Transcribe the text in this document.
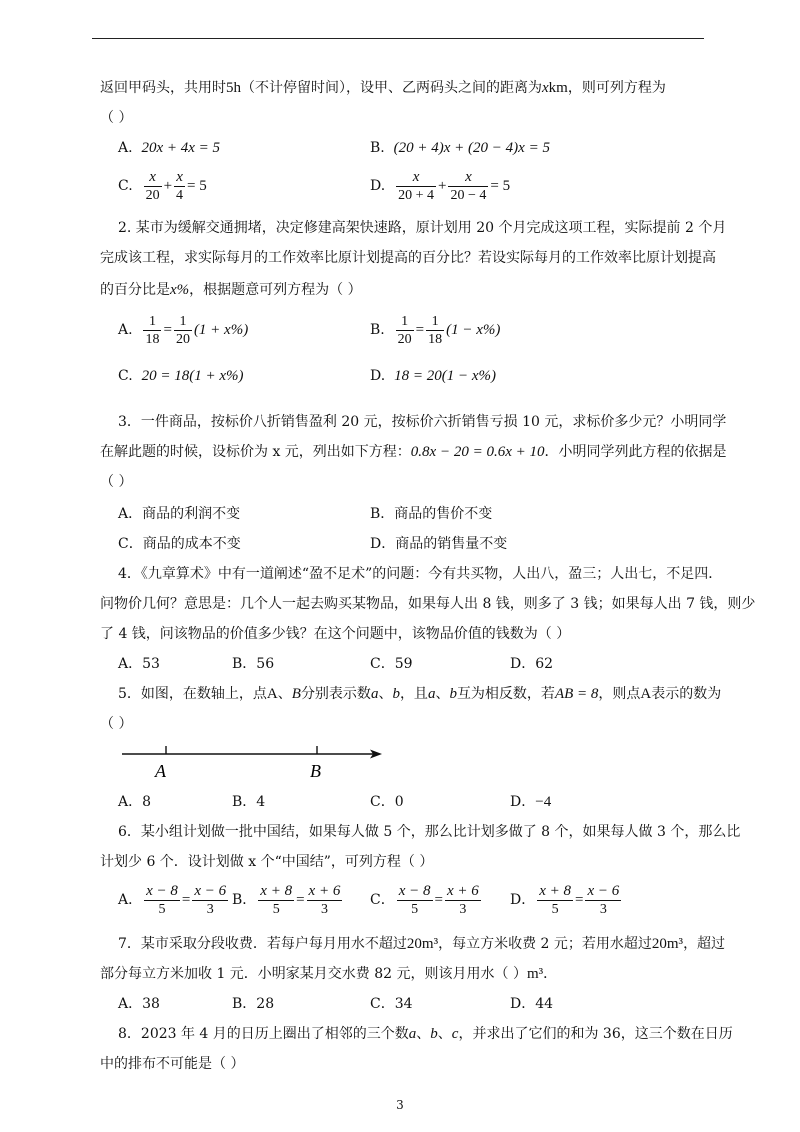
返回甲码头，共用时5h（不计停留时间），设甲、乙两码头之间的距离为xkm，则可列方程为
（ ）
A. 20x + 4x = 5	B. (20 + 4)x + (20 − 4)x = 5
C. $\frac{x}{20} + \frac{x}{4} = 5$	D. $\frac{x}{20 + 4} + \frac{x}{20 - 4} = 5$
2. 某市为缓解交通拥堵，决定修建高架快速路，原计划用 20 个月完成这项工程，实际提前 2 个月
完成该工程，求实际每月的工作效率比原计划提高的百分比？若设实际每月的工作效率比原计划提高
的百分比是x%，根据题意可列方程为（ ）
A. $\frac{1}{18} = \frac{1}{20} (1 + x\%)$	B. $\frac{1}{20} = \frac{1}{18} (1 - x\%)$
C. 20 = 18(1 + x%)	D. 18 = 20(1 − x%)
3．一件商品，按标价八折销售盈利 20 元，按标价六折销售亏损 10 元，求标价多少元？小明同学
在解此题的时候，设标价为 x 元，列出如下方程：0.8x − 20 = 0.6x + 10．小明同学列此方程的依据是
（ ）
A．商品的利润不变	B．商品的售价不变
C．商品的成本不变	D．商品的销售量不变
4．《九章算术》中有一道阐述“盈不足术”的问题：今有共买物，人出八，盈三；人出七，不足四．
问物价几何？意思是：几个人一起去购买某物品，如果每人出 8 钱，则多了 3 钱；如果每人出 7 钱，则少
了 4 钱，问该物品的价值多少钱？在这个问题中，该物品价值的钱数为（ ）
A．53	B．56	C．59	D．62
5．如图，在数轴上，点A、B分别表示数a、b，且a、b互为相反数，若AB = 8，则点A表示的数为
（ ）
A	B
A．8	B．4	C．0	D．−4
6．某小组计划做一批中国结，如果每人做 5 个，那么比计划多做了 8 个，如果每人做 3 个，那么比
计划少 6 个．设计划做 x 个“中国结”，可列方程（ ）
A． $\frac{x - 8}{5} = \frac{x - 6}{3}$ B． $\frac{x + 8}{5} = \frac{x + 6}{3}$ C． $\frac{x - 8}{5} = \frac{x + 6}{3}$ D． $\frac{x + 8}{5} = \frac{x - 6}{3}$
7．某市采取分段收费．若每户每月用水不超过20m³，每立方米收费 2 元；若用水超过20m³，超过
部分每立方米加收 1 元．小明家某月交水费 82 元，则该月用水（ ）m³．
A．38	B．28	C．34	D．44
8．2023 年 4 月的日历上圈出了相邻的三个数a、b、c，并求出了它们的和为 36，这三个数在日历
中的排布不可能是（ ）
3
